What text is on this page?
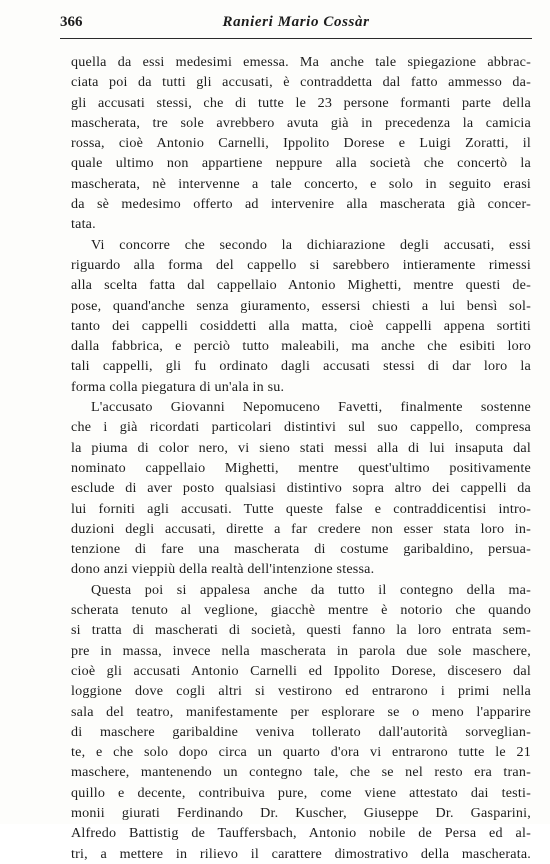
366	Ranieri Mario Cossàr
quella da essi medesimi emessa. Ma anche tale spiegazione abbrac-
ciata poi da tutti gli accusati, è contraddetta dal fatto ammesso da-
gli accusati stessi, che di tutte le 23 persone formanti parte della
mascherata, tre sole avrebbero avuta già in precedenza la camicia
rossa, cioè Antonio Carnelli, Ippolito Dorese e Luigi Zoratti, il
quale ultimo non appartiene neppure alla società che concertò la
mascherata, nè intervenne a tale concerto, e solo in seguito erasi
da sè medesimo offerto ad intervenire alla mascherata già concer-
tata.
Vi concorre che secondo la dichiarazione degli accusati, essi
riguardo alla forma del cappello si sarebbero intieramente rimessi
alla scelta fatta dal cappellaio Antonio Mighetti, mentre questi de-
pose, quand'anche senza giuramento, essersi chiesti a lui bensì sol-
tanto dei cappelli cosiddetti alla matta, cioè cappelli appena sortiti
dalla fabbrica, e perciò tutto maleabili, ma anche che esibiti loro
tali cappelli, gli fu ordinato dagli accusati stessi di dar loro la
forma colla piegatura di un'ala in su.
L'accusato Giovanni Nepomuceno Favetti, finalmente sostenne
che i già ricordati particolari distintivi sul suo cappello, compresa
la piuma di color nero, vi sieno stati messi alla di lui insaputa dal
nominato cappellaio Mighetti, mentre quest'ultimo positivamente
esclude di aver posto qualsiasi distintivo sopra altro dei cappelli da
lui forniti agli accusati. Tutte queste false e contraddicentisi intro-
duzioni degli accusati, dirette a far credere non esser stata loro in-
tenzione di fare una mascherata di costume garibaldino, persua-
dono anzi vieppiù della realtà dell'intenzione stessa.
Questa poi si appalesa anche da tutto il contegno della ma-
scherata tenuto al veglione, giacchè mentre è notorio che quando
si tratta di mascherati di società, questi fanno la loro entrata sem-
pre in massa, invece nella mascherata in parola due sole maschere,
cioè gli accusati Antonio Carnelli ed Ippolito Dorese, discesero dal
loggione dove cogli altri si vestirono ed entrarono i primi nella
sala del teatro, manifestamente per esplorare se o meno l'apparire
di maschere garibaldine veniva tollerato dall'autorità sorveglian-
te, e che solo dopo circa un quarto d'ora vi entrarono tutte le 21
maschere, mantenendo un contegno tale, che se nel resto era tran-
quillo e decente, contribuiva pure, come viene attestato dai testi-
monii giurati Ferdinando Dr. Kuscher, Giuseppe Dr. Gasparini,
Alfredo Battistig de Tauffersbach, Antonio nobile de Persa ed al-
tri, a mettere in rilievo il carattere dimostrativo della mascherata.
